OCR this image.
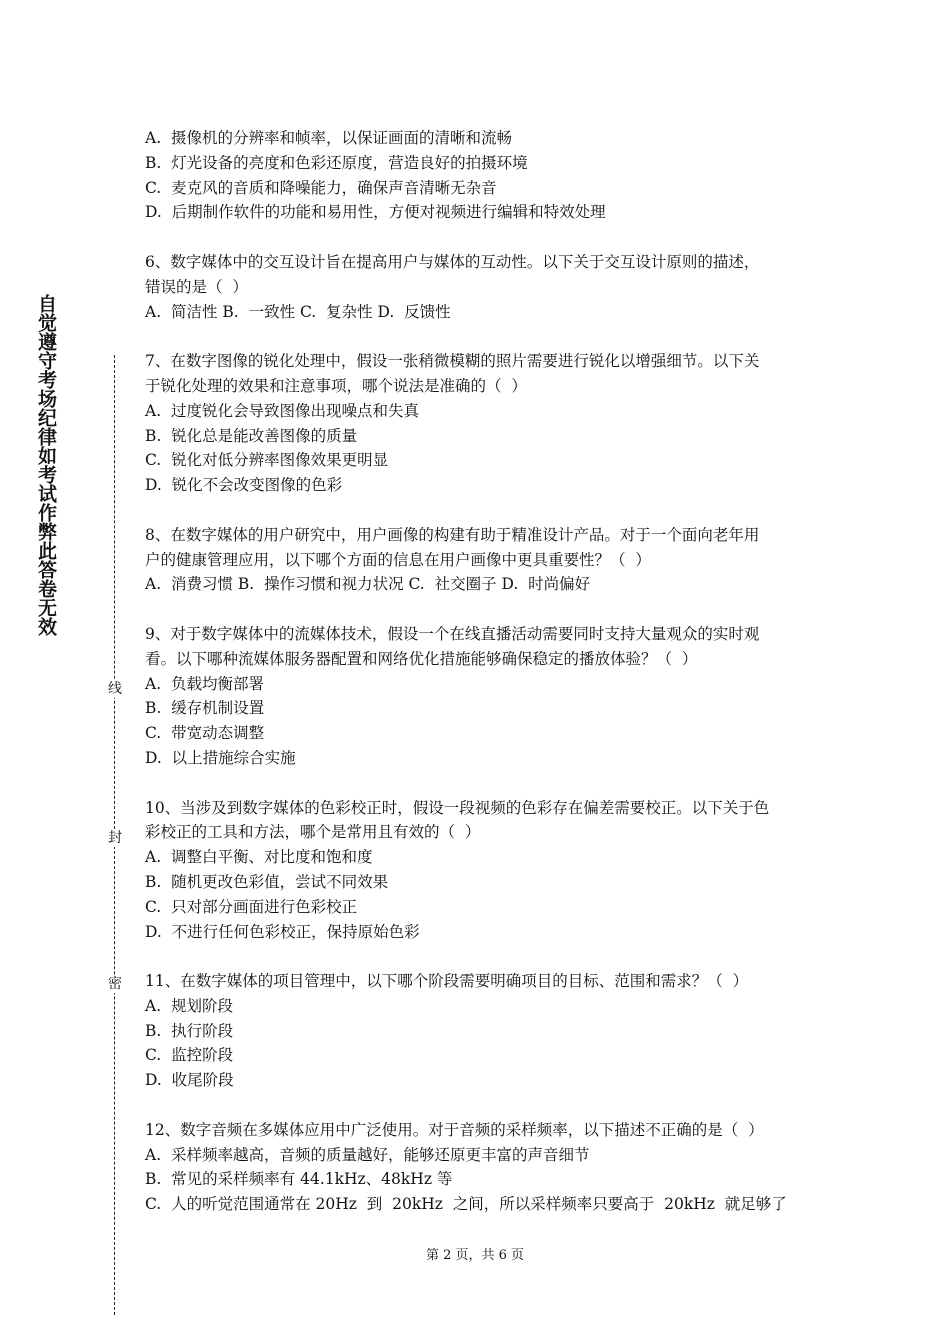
自觉遵守考场纪律如考试作弊此答卷无效
线
封
密

A.  摄像机的分辨率和帧率，以保证画面的清晰和流畅

B.  灯光设备的亮度和色彩还原度，营造良好的拍摄环境

C.  麦克风的音质和降噪能力，确保声音清晰无杂音

D.  后期制作软件的功能和易用性，方便对视频进行编辑和特效处理

6、数字媒体中的交互设计旨在提高用户与媒体的互动性。以下关于交互设计原则的描述，

错误的是（  ）

A.  简洁性 B.  一致性 C.  复杂性 D.  反馈性

7、在数字图像的锐化处理中，假设一张稍微模糊的照片需要进行锐化以增强细节。以下关

于锐化处理的效果和注意事项，哪个说法是准确的（  ）

A.  过度锐化会导致图像出现噪点和失真

B.  锐化总是能改善图像的质量

C.  锐化对低分辨率图像效果更明显

D.  锐化不会改变图像的色彩

8、在数字媒体的用户研究中，用户画像的构建有助于精准设计产品。对于一个面向老年用

户的健康管理应用，以下哪个方面的信息在用户画像中更具重要性？（  ）

A.  消费习惯 B.  操作习惯和视力状况 C.  社交圈子 D.  时尚偏好

9、对于数字媒体中的流媒体技术，假设一个在线直播活动需要同时支持大量观众的实时观

看。以下哪种流媒体服务器配置和网络优化措施能够确保稳定的播放体验？（  ）

A.  负载均衡部署

B.  缓存机制设置

C.  带宽动态调整

D.  以上措施综合实施

10、当涉及到数字媒体的色彩校正时，假设一段视频的色彩存在偏差需要校正。以下关于色

彩校正的工具和方法，哪个是常用且有效的（  ）

A.  调整白平衡、对比度和饱和度

B.  随机更改色彩值，尝试不同效果

C.  只对部分画面进行色彩校正

D.  不进行任何色彩校正，保持原始色彩

11、在数字媒体的项目管理中，以下哪个阶段需要明确项目的目标、范围和需求？（  ）

A.  规划阶段

B.  执行阶段

C.  监控阶段

D.  收尾阶段

12、数字音频在多媒体应用中广泛使用。对于音频的采样频率，以下描述不正确的是（  ）

A.  采样频率越高，音频的质量越好，能够还原更丰富的声音细节

B.  常见的采样频率有 44.1kHz、48kHz 等

C.  人的听觉范围通常在 20Hz  到  20kHz  之间，所以采样频率只要高于  20kHz  就足够了

第 2 页，共 6 页
